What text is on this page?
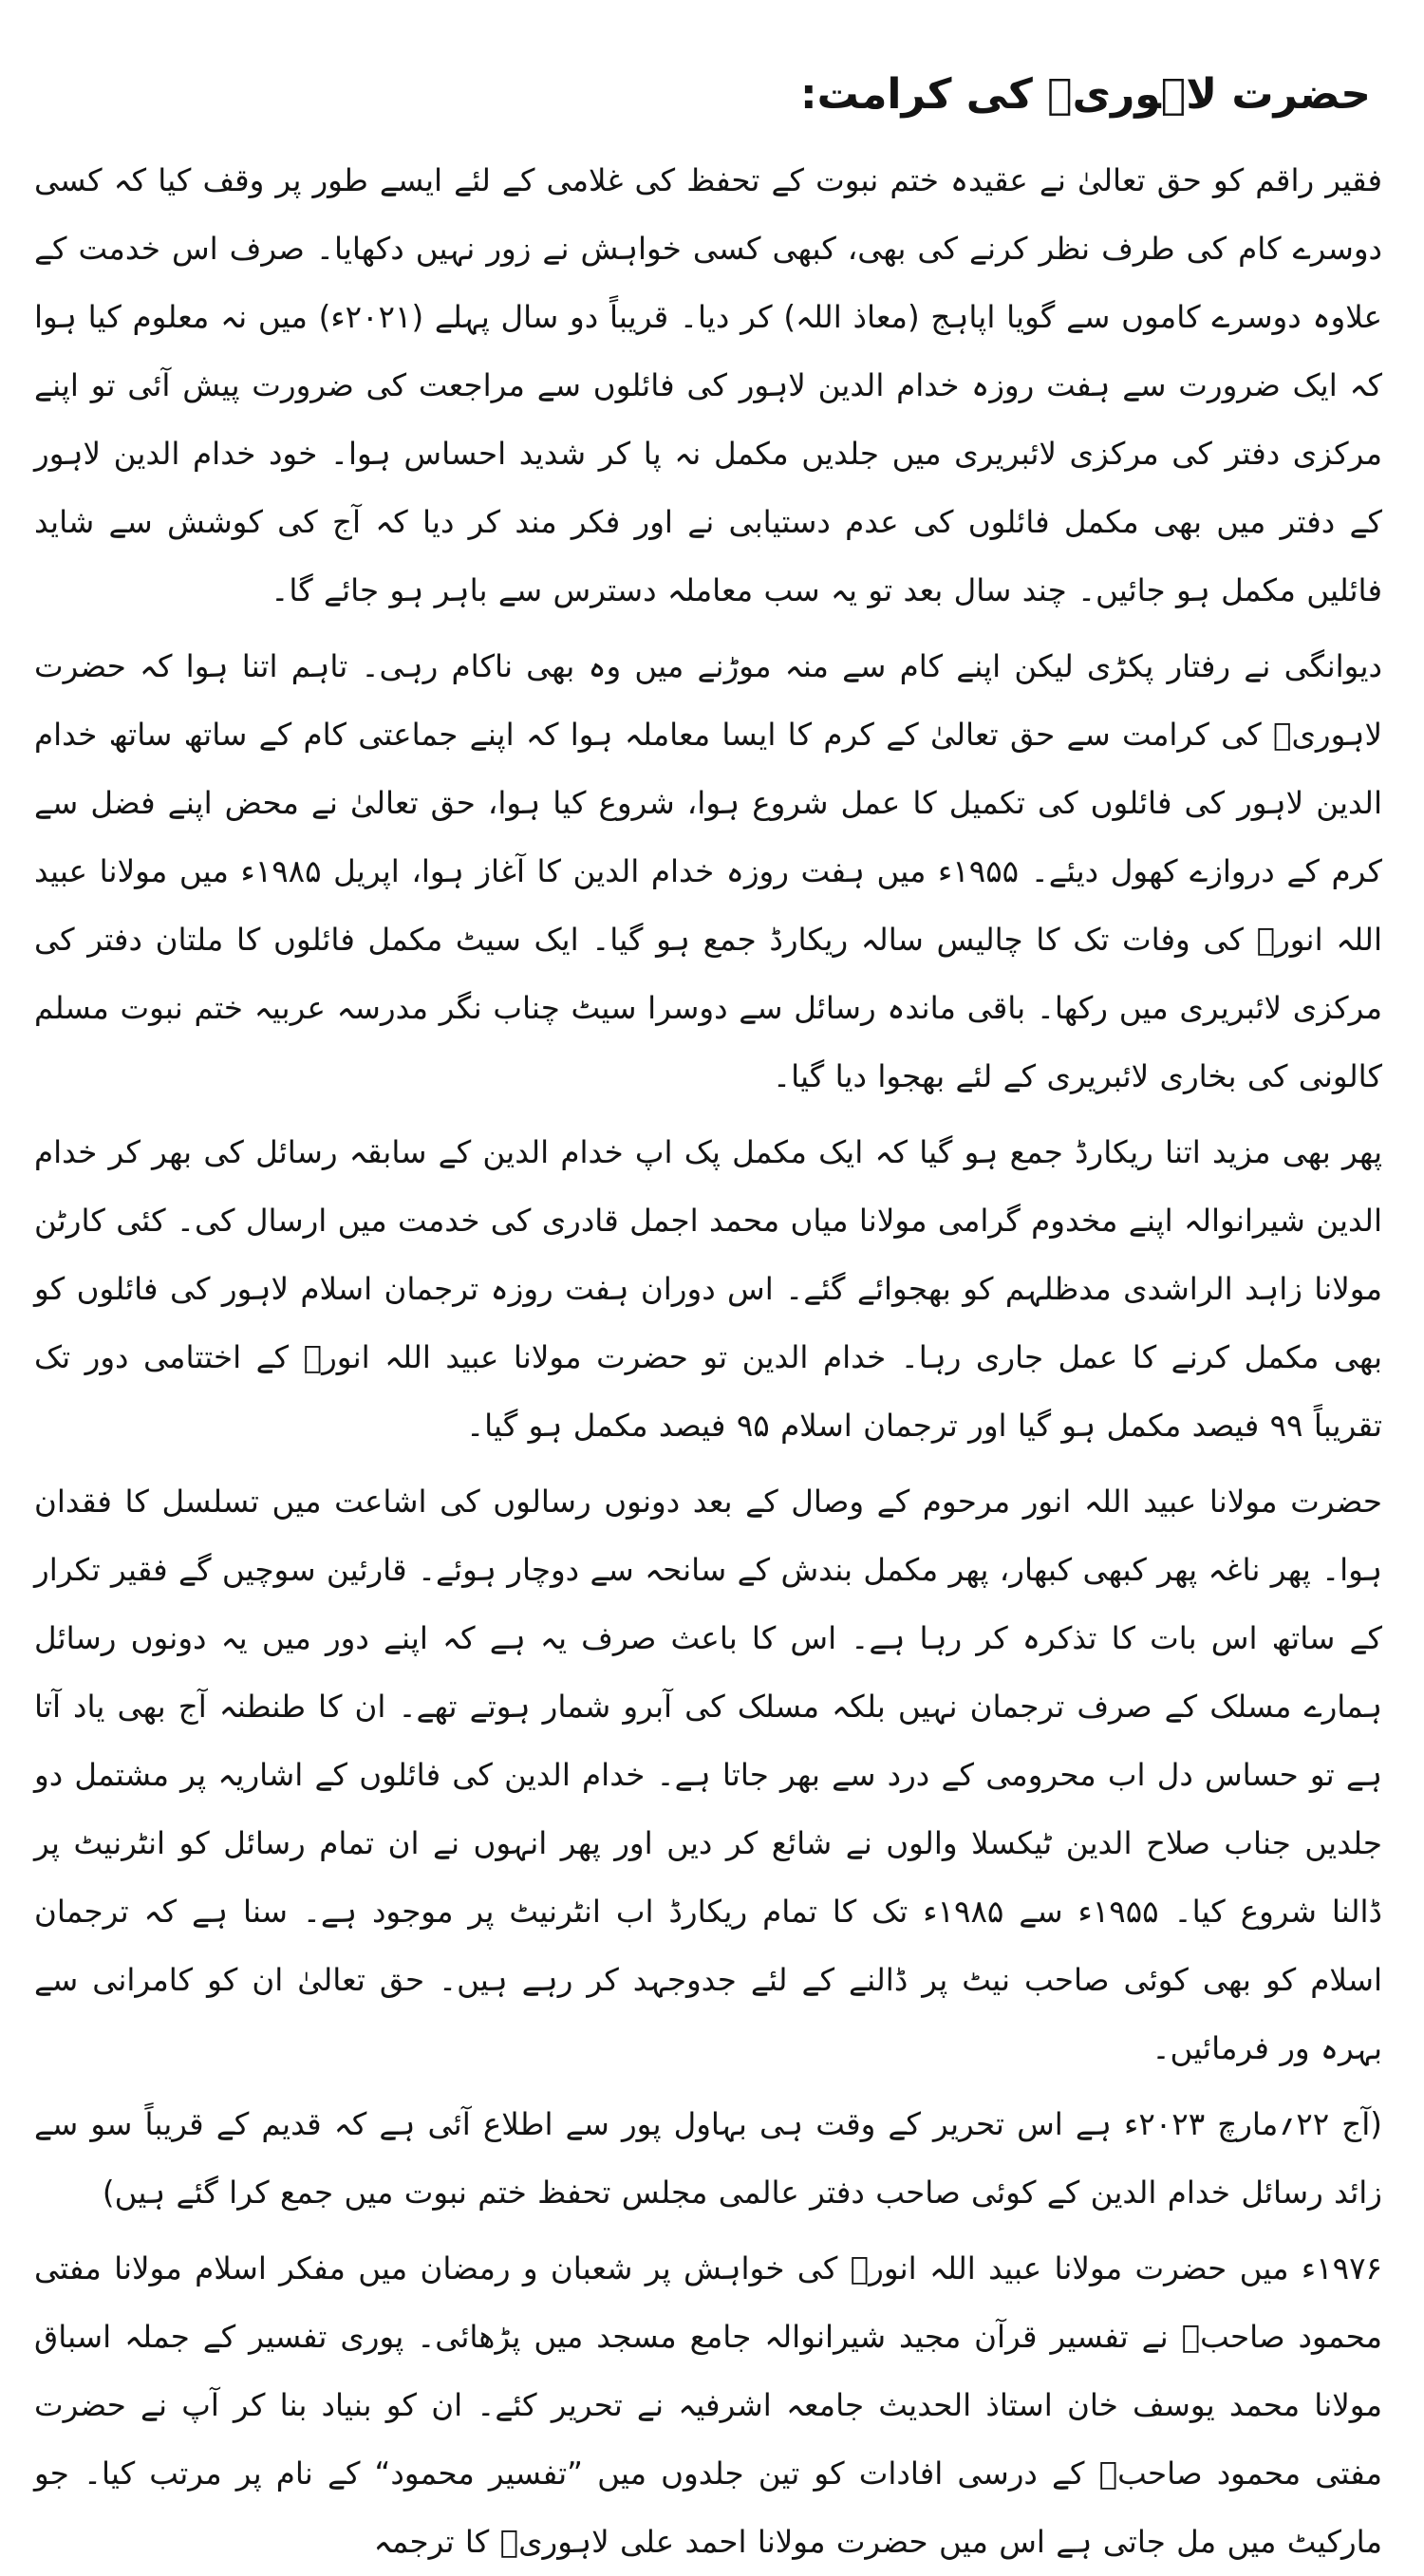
حضرت لاہوریؒ کی کرامت:

فقیر راقم کو حق تعالیٰ نے عقیدہ ختم نبوت کے تحفظ کی غلامی کے لئے ایسے طور پر وقف کیا کہ کسی دوسرے کام کی طرف نظر کرنے کی بھی، کبھی کسی خواہش نے زور نہیں دکھایا۔ صرف اس خدمت کے علاوہ دوسرے کاموں سے گویا اپاہج (معاذ اللہ) کر دیا۔ قریباً دو سال پہلے (۲۰۲۱ء) میں نہ معلوم کیا ہوا کہ ایک ضرورت سے ہفت روزہ خدام الدین لاہور کی فائلوں سے مراجعت کی ضرورت پیش آئی تو اپنے مرکزی دفتر کی مرکزی لائبریری میں جلدیں مکمل نہ پا کر شدید احساس ہوا۔ خود خدام الدین لاہور کے دفتر میں بھی مکمل فائلوں کی عدم دستیابی نے اور فکر مند کر دیا کہ آج کی کوشش سے شاید فائلیں مکمل ہو جائیں۔ چند سال بعد تو یہ سب معاملہ دسترس سے باہر ہو جائے گا۔

دیوانگی نے رفتار پکڑی لیکن اپنے کام سے منہ موڑنے میں وہ بھی ناکام رہی۔ تاہم اتنا ہوا کہ حضرت لاہوریؒ کی کرامت سے حق تعالیٰ کے کرم کا ایسا معاملہ ہوا کہ اپنے جماعتی کام کے ساتھ ساتھ خدام الدین لاہور کی فائلوں کی تکمیل کا عمل شروع ہوا، شروع کیا ہوا، حق تعالیٰ نے محض اپنے فضل سے کرم کے دروازے کھول دیئے۔ ۱۹۵۵ء میں ہفت روزہ خدام الدین کا آغاز ہوا، اپریل ۱۹۸۵ء میں مولانا عبید اللہ انورؒ کی وفات تک کا چالیس سالہ ریکارڈ جمع ہو گیا۔ ایک سیٹ مکمل فائلوں کا ملتان دفتر کی مرکزی لائبریری میں رکھا۔ باقی ماندہ رسائل سے دوسرا سیٹ چناب نگر مدرسہ عربیہ ختم نبوت مسلم کالونی کی بخاری لائبریری کے لئے بھجوا دیا گیا۔

پھر بھی مزید اتنا ریکارڈ جمع ہو گیا کہ ایک مکمل پک اپ خدام الدین کے سابقہ رسائل کی بھر کر خدام الدین شیرانوالہ اپنے مخدوم گرامی مولانا میاں محمد اجمل قادری کی خدمت میں ارسال کی۔ کئی کارٹن مولانا زاہد الراشدی مدظلہم کو بھجوائے گئے۔ اس دوران ہفت روزہ ترجمان اسلام لاہور کی فائلوں کو بھی مکمل کرنے کا عمل جاری رہا۔ خدام الدین تو حضرت مولانا عبید اللہ انورؒ کے اختتامی دور تک تقریباً ۹۹ فیصد مکمل ہو گیا اور ترجمان اسلام ۹۵ فیصد مکمل ہو گیا۔

حضرت مولانا عبید اللہ انور مرحوم کے وصال کے بعد دونوں رسالوں کی اشاعت میں تسلسل کا فقدان ہوا۔ پھر ناغہ پھر کبھی کبھار، پھر مکمل بندش کے سانحہ سے دوچار ہوئے۔ قارئین سوچیں گے فقیر تکرار کے ساتھ اس بات کا تذکرہ کر رہا ہے۔ اس کا باعث صرف یہ ہے کہ اپنے دور میں یہ دونوں رسائل ہمارے مسلک کے صرف ترجمان نہیں بلکہ مسلک کی آبرو شمار ہوتے تھے۔ ان کا طنطنہ آج بھی یاد آتا ہے تو حساس دل اب محرومی کے درد سے بھر جاتا ہے۔ خدام الدین کی فائلوں کے اشاریہ پر مشتمل دو جلدیں جناب صلاح الدین ٹیکسلا والوں نے شائع کر دیں اور پھر انہوں نے ان تمام رسائل کو انٹرنیٹ پر ڈالنا شروع کیا۔ ۱۹۵۵ء سے ۱۹۸۵ء تک کا تمام ریکارڈ اب انٹرنیٹ پر موجود ہے۔ سنا ہے کہ ترجمان اسلام کو بھی کوئی صاحب نیٹ پر ڈالنے کے لئے جدوجہد کر رہے ہیں۔ حق تعالیٰ ان کو کامرانی سے بہرہ ور فرمائیں۔

(آج ۲۲؍مارچ ۲۰۲۳ء ہے اس تحریر کے وقت ہی بہاول پور سے اطلاع آئی ہے کہ قدیم کے قریباً سو سے زائد رسائل خدام الدین کے کوئی صاحب دفتر عالمی مجلس تحفظ ختم نبوت میں جمع کرا گئے ہیں)

۱۹۷۶ء میں حضرت مولانا عبید اللہ انورؒ کی خواہش پر شعبان و رمضان میں مفکر اسلام مولانا مفتی محمود صاحبؒ نے تفسیر قرآن مجید شیرانوالہ جامع مسجد میں پڑھائی۔ پوری تفسیر کے جملہ اسباق مولانا محمد یوسف خان استاذ الحدیث جامعہ اشرفیہ نے تحریر کئے۔ ان کو بنیاد بنا کر آپ نے حضرت مفتی محمود صاحبؒ کے درسی افادات کو تین جلدوں میں ”تفسیر محمود“ کے نام پر مرتب کیا۔ جو مارکیٹ میں مل جاتی ہے اس میں حضرت مولانا احمد علی لاہوریؒ کا ترجمہ
